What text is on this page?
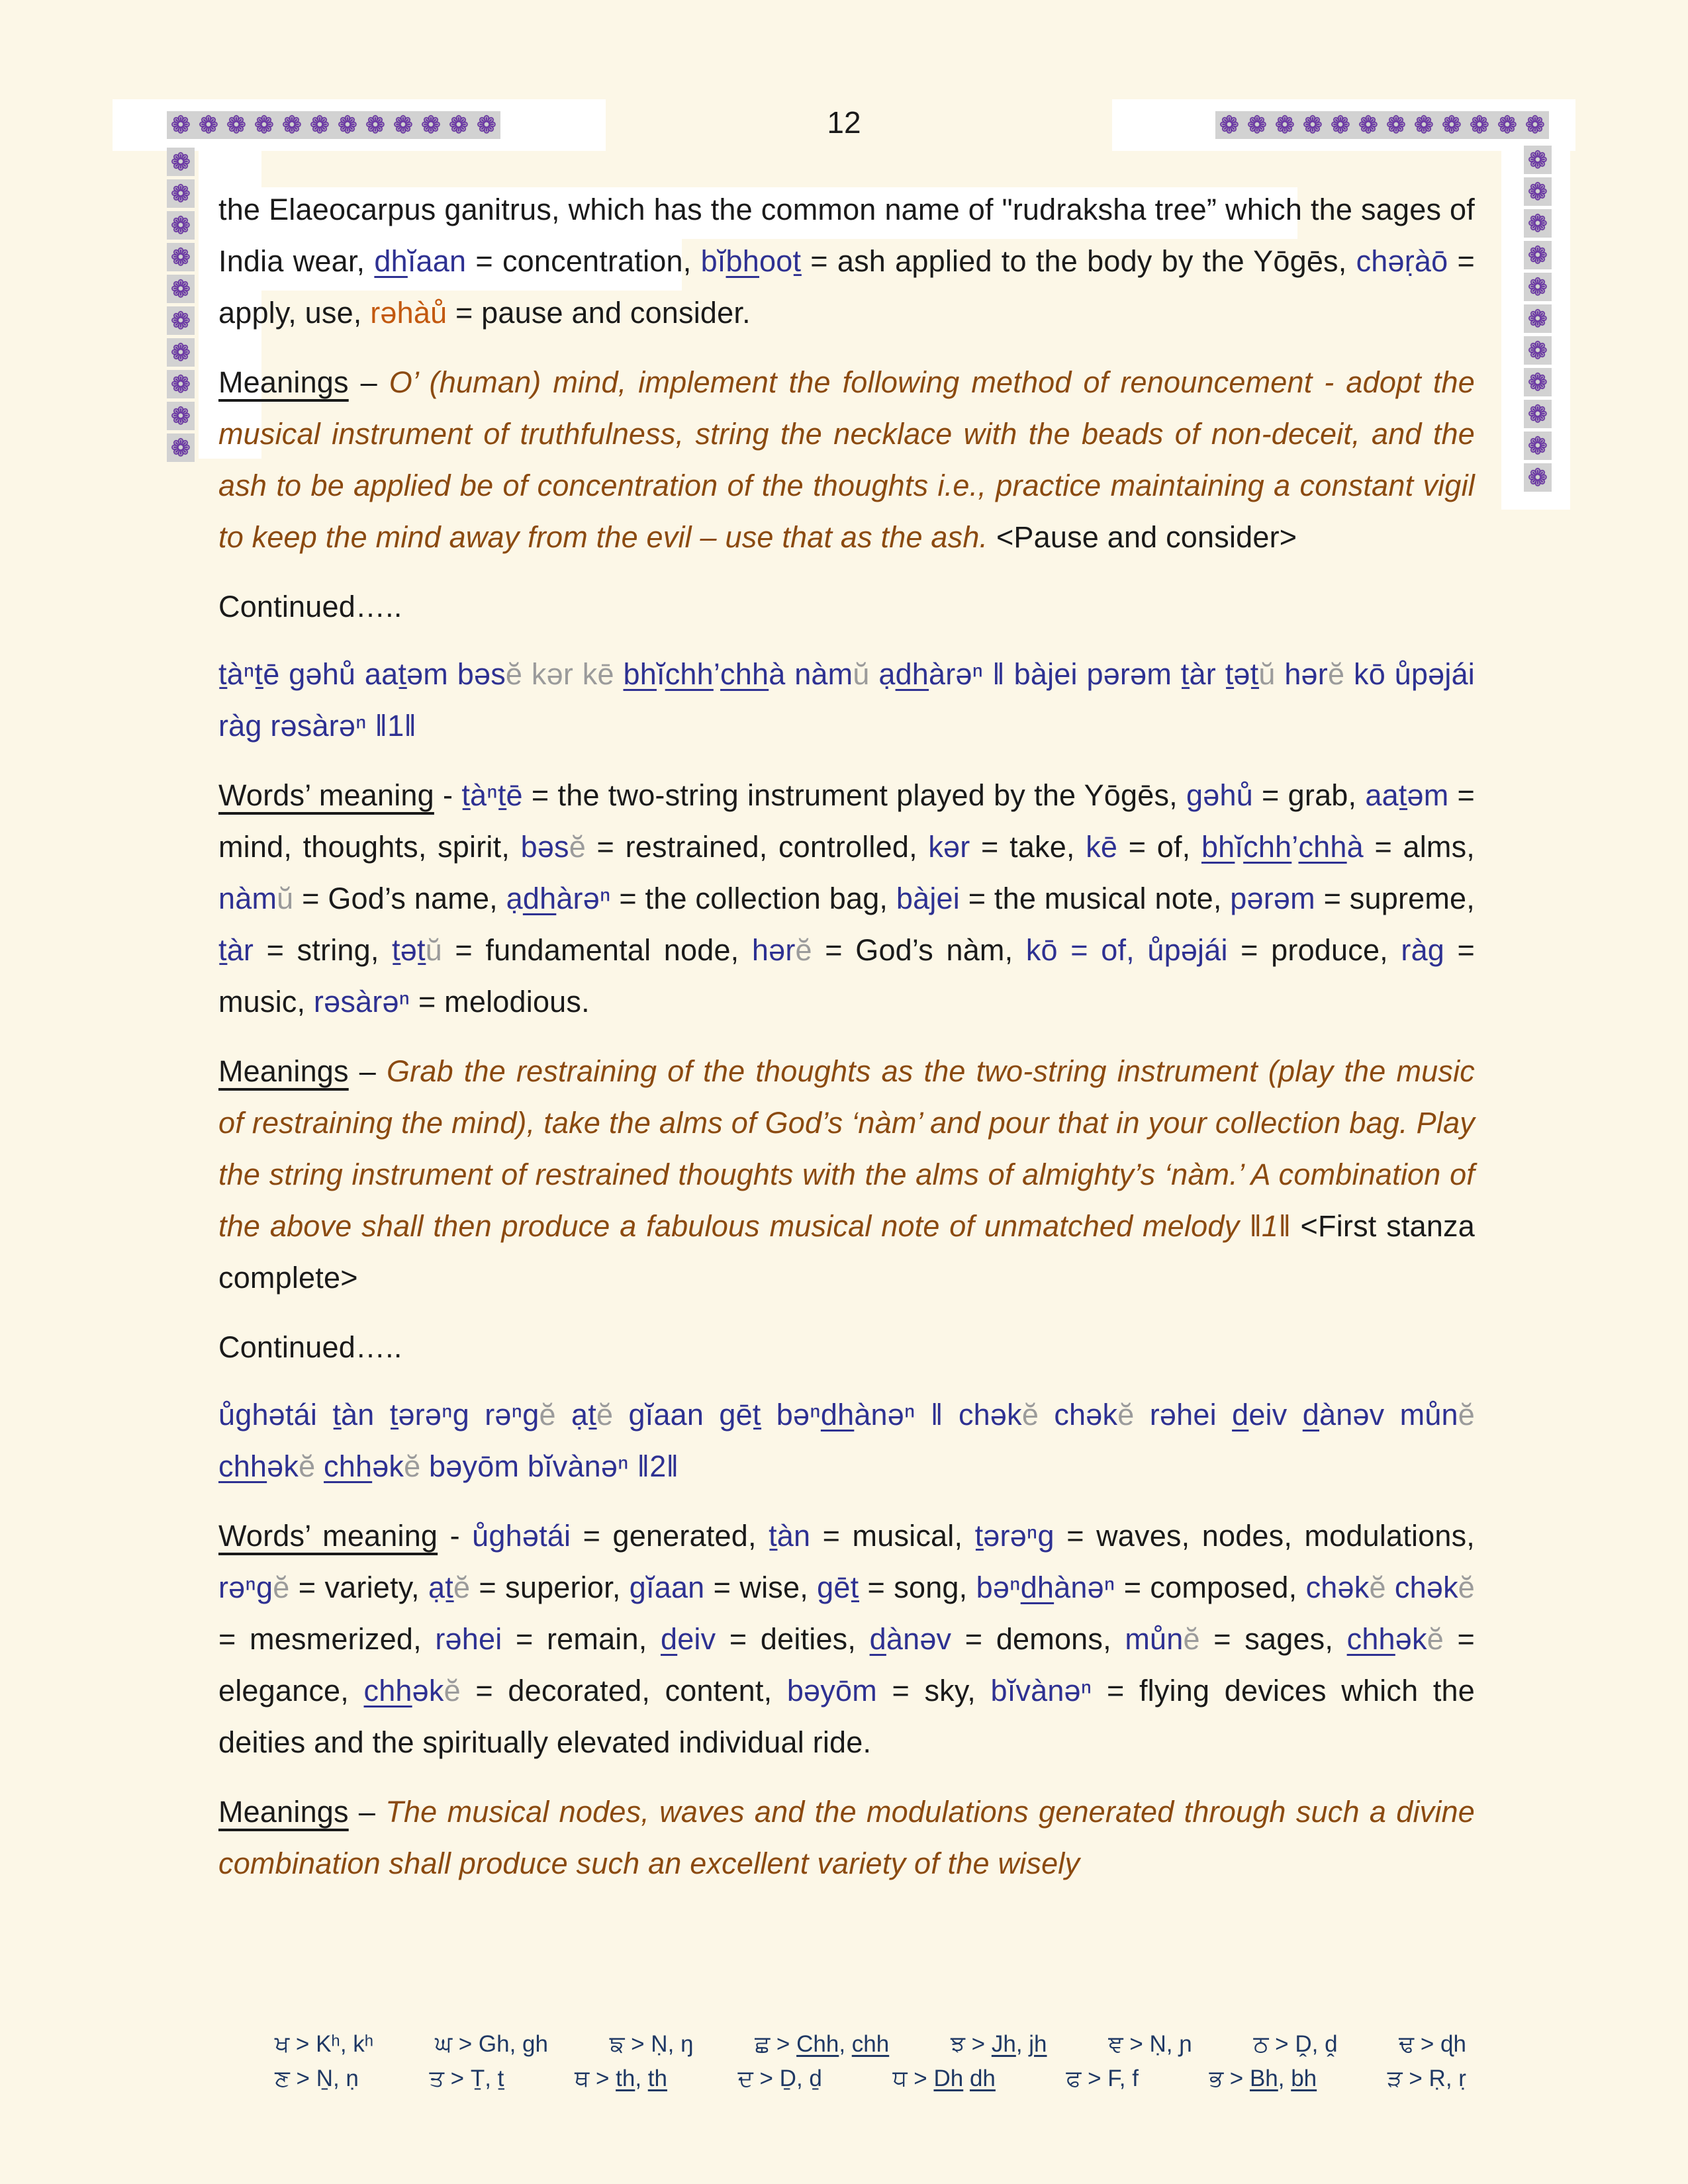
12
❁ ❁ ❁ ❁ ❁ ❁ ❁ ❁ ❁ ❁ ❁ ❁	❁ ❁ ❁ ❁ ❁ ❁ ❁ ❁ ❁ ❁ ❁ ❁
❁
❁
❁
❁
❁
❁
❁
❁
❁
❁
❁
❁
❁
❁
❁
❁
❁
❁
❁
❁
❁

the Elaeocarpus ganitrus, which has the common name of "rudraksha tree” which the sages of India wear, dhĭaan = concentration, bĭbhooṯ = ash applied to the body by the Yōgēs, chəṛàō = apply, use, rəhàů = pause and consider.

Meanings – O’ (human) mind, implement the following method of renouncement - adopt the musical instrument of truthfulness, string the necklace with the beads of non-deceit, and the ash to be applied be of concentration of the thoughts i.e., practice maintaining a constant vigil to keep the mind away from the evil – use that as the ash. <Pause and consider>

Continued…..

ṯàⁿṯē gəhů aaṯəm bəsĕ kər kē bhĭchh’chhà nàmŭ ạdhàrəⁿ ‖ bàjei pərəm ṯàr ṯəṯŭ hərĕ kō ůpəjái ràg rəsàrəⁿ ‖1‖

Words’ meaning - ṯàⁿṯē = the two-string instrument played by the Yōgēs, gəhů = grab, aaṯəm = mind, thoughts, spirit, bəsĕ = restrained, controlled, kər = take, kē = of, bhĭchh’chhà = alms, nàmŭ = God’s name, ạdhàrəⁿ = the collection bag, bàjei = the musical note, pərəm = supreme, ṯàr = string, ṯəṯŭ = fundamental node, hərĕ = God’s nàm, kō = of, ůpəjái = produce, ràg = music, rəsàrəⁿ = melodious.

Meanings – Grab the restraining of the thoughts as the two-string instrument (play the music of restraining the mind), take the alms of God’s ‘nàm’ and pour that in your collection bag. Play the string instrument of restrained thoughts with the alms of almighty’s ‘nàm.’ A combination of the above shall then produce a fabulous musical note of unmatched melody ‖1‖ <First stanza complete>

Continued…..

ůghətái ṯàn ṯərəⁿg rəⁿgĕ ạṯĕ gĭaan gēṯ bəⁿdhànəⁿ ‖ chəkĕ chəkĕ rəhei deiv dànəv můnĕ chhəkĕ chhəkĕ bəyōm bĭvànəⁿ ‖2‖

Words’ meaning - ůghətái = generated, ṯàn = musical, ṯərəⁿg = waves, nodes, modulations, rəⁿgĕ = variety, ạṯĕ = superior, gĭaan = wise, gēṯ = song, bəⁿdhànəⁿ = composed, chəkĕ chəkĕ = mesmerized, rəhei = remain, deiv = deities, dànəv = demons, můnĕ = sages, chhəkĕ = elegance, chhəkĕ = decorated, content, bəyōm = sky, bĭvànəⁿ = flying devices which the deities and the spiritually elevated individual ride.

Meanings – The musical nodes, waves and the modulations generated through such a divine combination shall produce such an excellent variety of the wisely

ਖ > Kʰ, kʰ	ਘ > Gh, gh	ਙ > Ṇ, ŋ	ਛ > Chh, chh	ਝ > Jh, jh	ਞ > Ṇ, ɲ	ਠ > Ḓ, ḓ	ਢ > ɖh
ਣ > Ṉ, ṇ	ਤ > Ṯ, ṯ	ਥ > th, th	ਦ > Ḏ, ḏ	ਧ > Dh dh	ਫ > F, f	ਭ > Bh, bh	ੜ > Ṛ, ṛ
